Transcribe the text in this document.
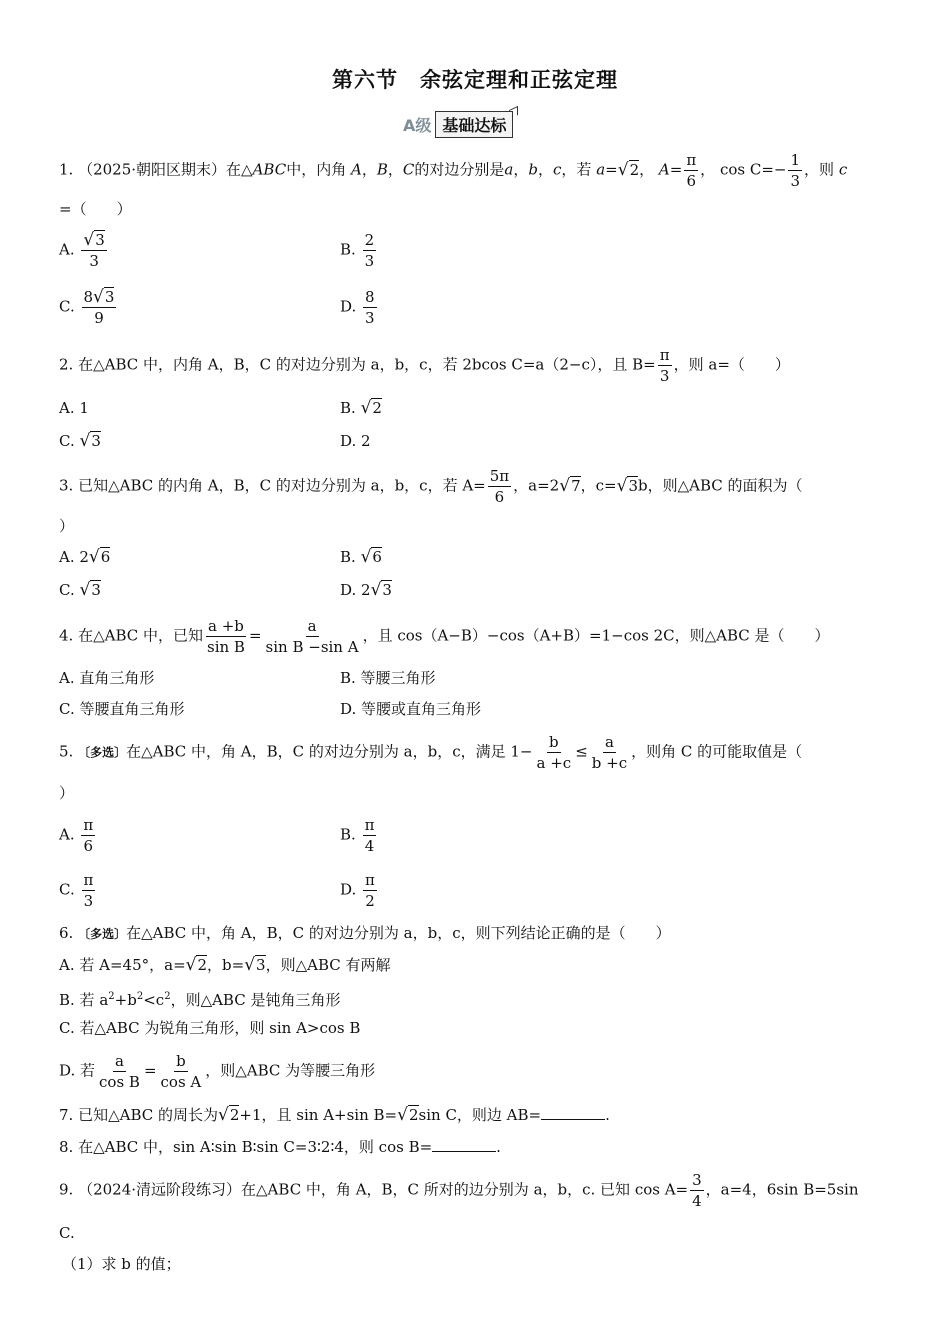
第六节　余弦定理和正弦定理
A级 基础达标
1. （2025·朝阳区期末）在△ABC中，内角 A，B，C的对边分别是a，b，c，若 a=√2， $A= \frac{\pi}{6}$ ， $\cos C=- \frac{1}{3}$ ，则 c
=（　　）
A. $\frac{√3}{3}$	B. $\frac{2}{3}$
C. $\frac{8√3}{9}$	D. $\frac{8}{3}$
2. 在△ABC 中，内角 A，B，C 的对边分别为 a，b，c，若 2bcos C=a（2−c），且 $B= \frac{\pi}{3}$ ，则 a=（　　）
A. 1	B. √2
C. √3	D. 2
3. 已知△ABC 的内角 A，B，C 的对边分别为 a，b，c，若 $A= \frac{5\pi}{6}$ ，a=2√7，c=√3b，则△ABC 的面积为（
）
A. 2√6	B. √6
C. √3	D. 2√3
4. 在△ABC 中，已知 $\frac{a +b}{\text{sin B}} = \frac{a}{\text{sin B −sin A}}$ ，且 cos（A−B）−cos（A+B）=1−cos 2C，则△ABC 是（　　）
A. 直角三角形	B. 等腰三角形
C. 等腰直角三角形	D. 等腰或直角三角形
5. 〔多选〕在△ABC 中，角 A，B，C 的对边分别为 a，b，c，满足 $1- \frac{b}{a +c} \le \frac{a}{b +c}$ ，则角 C 的可能取值是（
）
A. $\frac{\pi}{6}$	B. $\frac{\pi}{4}$
C. $\frac{\pi}{3}$	D. $\frac{\pi}{2}$
6. 〔多选〕在△ABC 中，角 A，B，C 的对边分别为 a，b，c，则下列结论正确的是（　　）
A. 若 A=45°，a=√2，b=√3，则△ABC 有两解
B. 若 $a^2+b^2<c^2$，则△ABC 是钝角三角形
C. 若△ABC 为锐角三角形，则 sin A>cos B
D. 若 $\frac{a}{\text{cos B}} = \frac{b}{\text{cos A}}$ ，则△ABC 为等腰三角形
7. 已知△ABC 的周长为√2+1，且 sin A+sin B=√2sin C，则边 AB=	.
8. 在△ABC 中，sin A∶sin B∶sin C=3∶2∶4，则 cos B=	.
9. （2024·清远阶段练习）在△ABC 中，角 A，B，C 所对的边分别为 a，b，c. 已知 $\cos A= \frac{3}{4}$ ，a=4，6sin B=5sin
C.
（1）求 b 的值；
